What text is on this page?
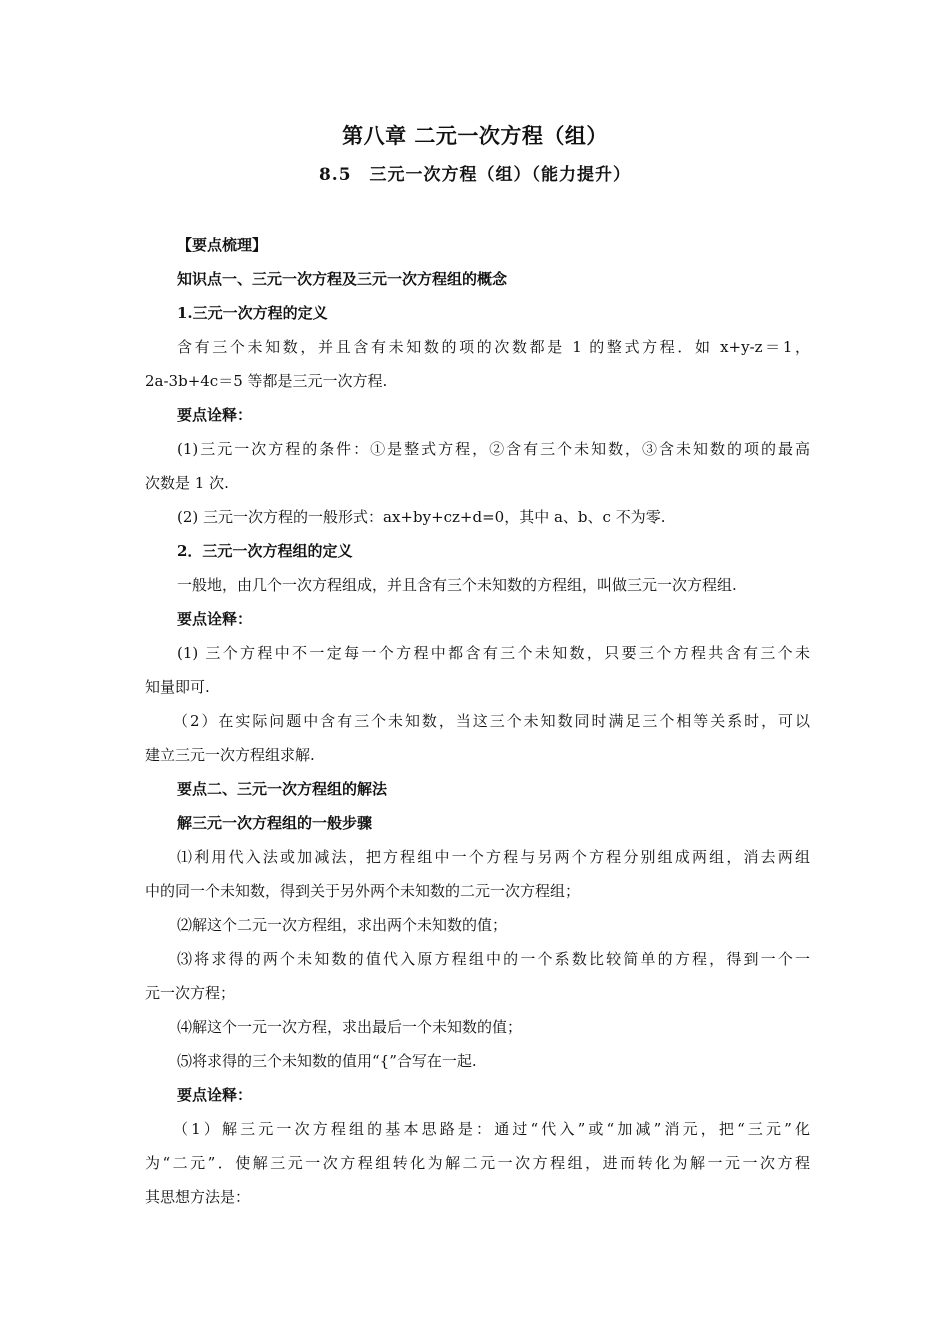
第八章 二元一次方程（组）
8.5　三元一次方程（组）（能力提升）
【要点梳理】
知识点一、三元一次方程及三元一次方程组的概念
1.三元一次方程的定义
含有三个未知数，并且含有未知数的项的次数都是 1 的整式方程．如 x+y-z＝1，
2a-3b+4c＝5 等都是三元一次方程.
要点诠释：
(1)三元一次方程的条件：①是整式方程，②含有三个未知数，③含未知数的项的最高
次数是 1 次.
(2) 三元一次方程的一般形式：ax+by+cz+d=0，其中 a、b、c 不为零.
2．三元一次方程组的定义
一般地，由几个一次方程组成，并且含有三个未知数的方程组，叫做三元一次方程组.
要点诠释：
(1) 三个方程中不一定每一个方程中都含有三个未知数，只要三个方程共含有三个未
知量即可.
（2）在实际问题中含有三个未知数，当这三个未知数同时满足三个相等关系时，可以
建立三元一次方程组求解.
要点二、三元一次方程组的解法
解三元一次方程组的一般步骤
⑴利用代入法或加减法，把方程组中一个方程与另两个方程分别组成两组，消去两组
中的同一个未知数，得到关于另外两个未知数的二元一次方程组；
⑵解这个二元一次方程组，求出两个未知数的值；
⑶将求得的两个未知数的值代入原方程组中的一个系数比较简单的方程，得到一个一
元一次方程；
⑷解这个一元一次方程，求出最后一个未知数的值；
⑸将求得的三个未知数的值用“{”合写在一起.
要点诠释：
（1）解三元一次方程组的基本思路是：通过“代入”或“加减”消元，把“三元”化
为“二元”．使解三元一次方程组转化为解二元一次方程组，进而转化为解一元一次方程
其思想方法是：
